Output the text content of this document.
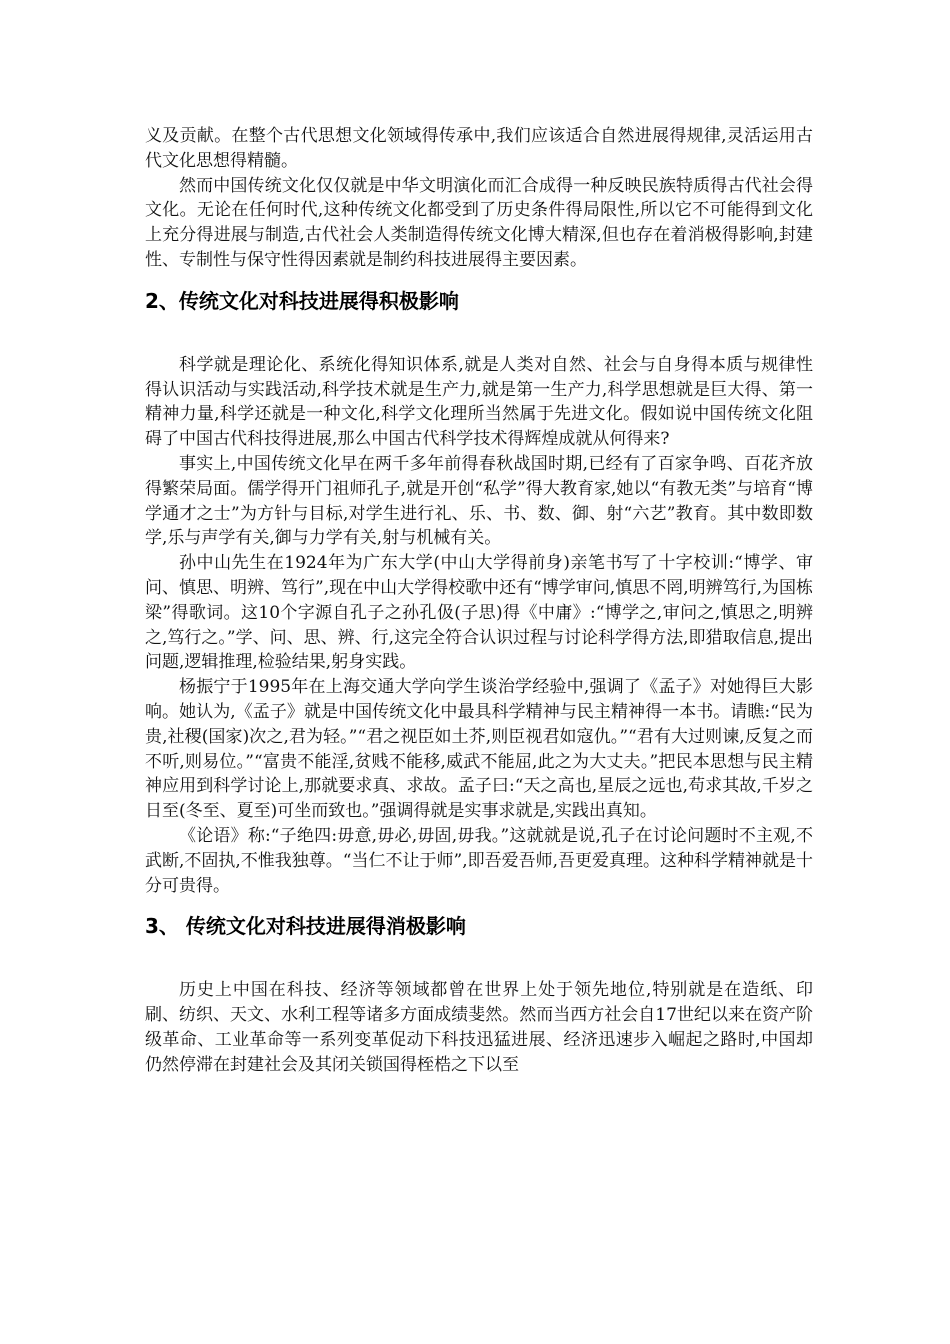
义及贡献。在整个古代思想文化领域得传承中,我们应该适合自然进展得规律,灵活运用古代文化思想得精髓。

然而中国传统文化仅仅就是中华文明演化而汇合成得一种反映民族特质得古代社会得文化。无论在任何时代,这种传统文化都受到了历史条件得局限性,所以它不可能得到文化上充分得进展与制造,古代社会人类制造得传统文化博大精深,但也存在着消极得影响,封建性、专制性与保守性得因素就是制约科技进展得主要因素。

2、传统文化对科技进展得积极影响

科学就是理论化、系统化得知识体系,就是人类对自然、社会与自身得本质与规律性得认识活动与实践活动,科学技术就是生产力,就是第一生产力,科学思想就是巨大得、第一精神力量,科学还就是一种文化,科学文化理所当然属于先进文化。假如说中国传统文化阻碍了中国古代科技得进展,那么中国古代科学技术得辉煌成就从何得来?

事实上,中国传统文化早在两千多年前得春秋战国时期,已经有了百家争鸣、百花齐放得繁荣局面。儒学得开门祖师孔子,就是开创“私学”得大教育家,她以“有教无类”与培育“博学通才之士”为方针与目标,对学生进行礼、乐、书、数、御、射“六艺”教育。其中数即数学,乐与声学有关,御与力学有关,射与机械有关。

孙中山先生在1924年为广东大学(中山大学得前身)亲笔书写了十字校训:“博学、审问、慎思、明辨、笃行”,现在中山大学得校歌中还有“博学审问,慎思不罔,明辨笃行,为国栋梁”得歌词。这10个字源自孔子之孙孔伋(子思)得《中庸》:“博学之,审问之,慎思之,明辨之,笃行之。”学、问、思、辨、行,这完全符合认识过程与讨论科学得方法,即猎取信息,提出问题,逻辑推理,检验结果,躬身实践。

杨振宁于1995年在上海交通大学向学生谈治学经验中,强调了《孟子》对她得巨大影响。她认为,《孟子》就是中国传统文化中最具科学精神与民主精神得一本书。请瞧:“民为贵,社稷(国家)次之,君为轻。”“君之视臣如土芥,则臣视君如寇仇。”“君有大过则谏,反复之而不听,则易位。”“富贵不能淫,贫贱不能移,威武不能屈,此之为大丈夫。”把民本思想与民主精神应用到科学讨论上,那就要求真、求故。孟子曰:“天之高也,星辰之远也,苟求其故,千岁之日至(冬至、夏至)可坐而致也。”强调得就是实事求就是,实践出真知。

《论语》称:“子绝四:毋意,毋必,毋固,毋我。”这就就是说,孔子在讨论问题时不主观,不武断,不固执,不惟我独尊。“当仁不让于师”,即吾爱吾师,吾更爱真理。这种科学精神就是十分可贵得。

3、 传统文化对科技进展得消极影响

历史上中国在科技、经济等领域都曾在世界上处于领先地位,特别就是在造纸、印刷、纺织、天文、水利工程等诸多方面成绩斐然。然而当西方社会自17世纪以来在资产阶级革命、工业革命等一系列变革促动下科技迅猛进展、经济迅速步入崛起之路时,中国却仍然停滞在封建社会及其闭关锁国得桎梏之下以至
